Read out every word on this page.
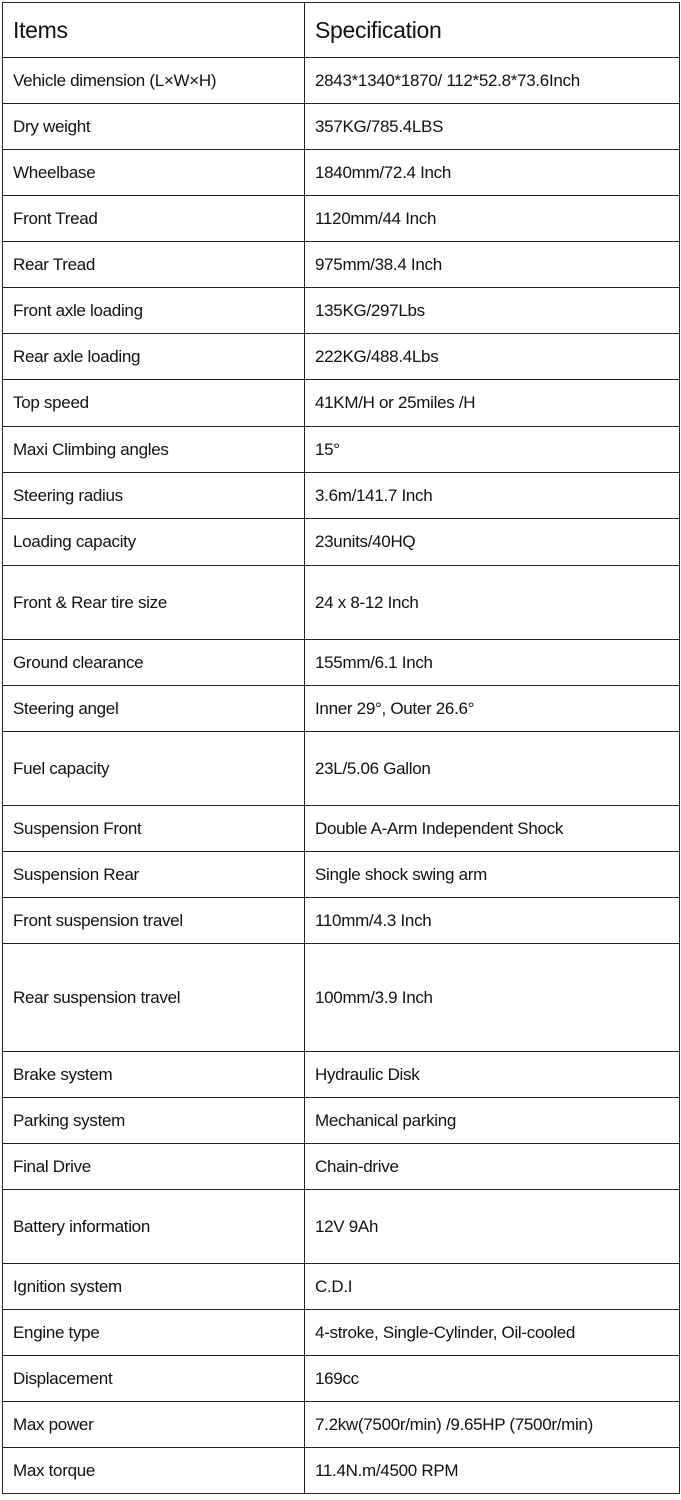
Items	Specification
Vehicle dimension (L×W×H)	2843*1340*1870/ 112*52.8*73.6Inch
Dry weight	357KG/785.4LBS
Wheelbase	1840mm/72.4 Inch
Front Tread	1120mm/44 Inch
Rear Tread	975mm/38.4 Inch
Front axle loading	135KG/297Lbs
Rear axle loading	222KG/488.4Lbs
Top speed	41KM/H or 25miles /H
Maxi Climbing angles	15°
Steering radius	3.6m/141.7 Inch
Loading capacity	23units/40HQ
Front & Rear tire size	24 x 8-12 Inch
Ground clearance	155mm/6.1 Inch
Steering angel	Inner 29°, Outer 26.6°
Fuel capacity	23L/5.06 Gallon
Suspension Front	Double A-Arm Independent Shock
Suspension Rear	Single shock swing arm
Front suspension travel	110mm/4.3 Inch
Rear suspension travel	100mm/3.9 Inch
Brake system	Hydraulic Disk
Parking system	Mechanical parking
Final Drive	Chain-drive
Battery information	12V 9Ah
Ignition system	C.D.I
Engine type	4-stroke, Single-Cylinder, Oil-cooled
Displacement	169cc
Max power	7.2kw(7500r/min) /9.65HP (7500r/min)
Max torque	11.4N.m/4500 RPM
